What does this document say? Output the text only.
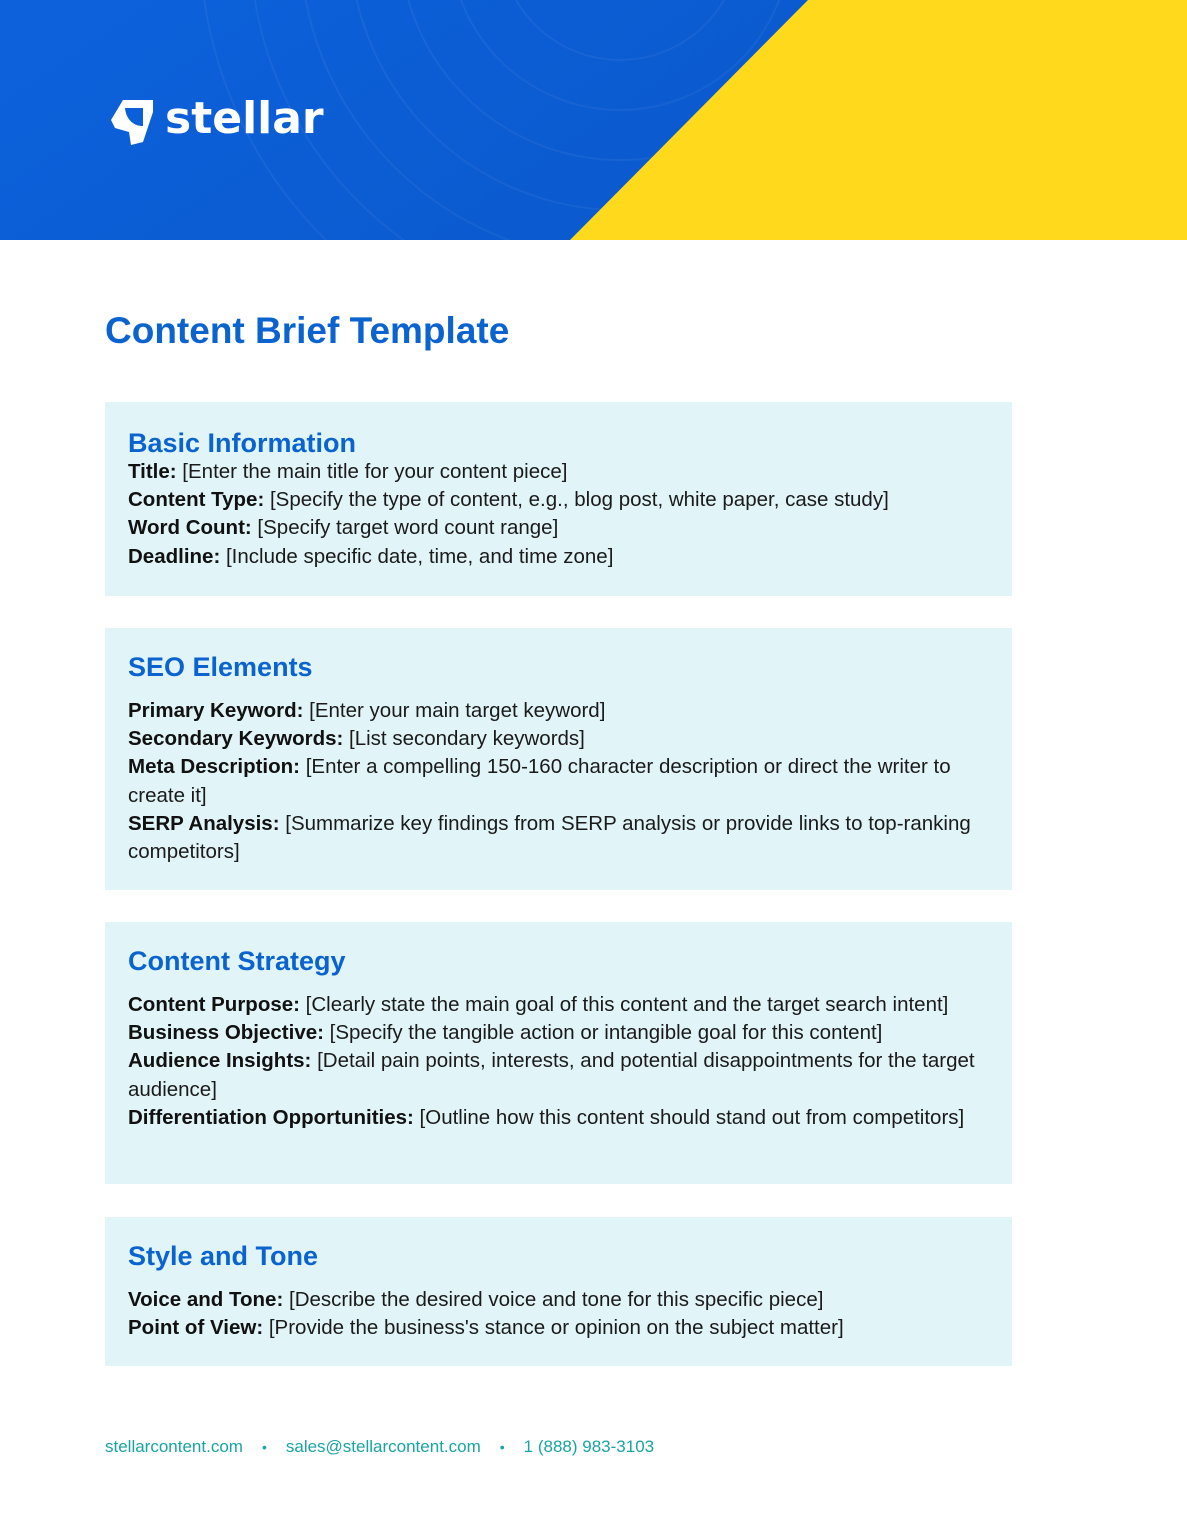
stellar
Content Brief Template
Basic Information
Title: [Enter the main title for your content piece]
Content Type: [Specify the type of content, e.g., blog post, white paper, case study]
Word Count: [Specify target word count range]
Deadline: [Include specific date, time, and time zone]
SEO Elements
Primary Keyword: [Enter your main target keyword]
Secondary Keywords: [List secondary keywords]
Meta Description: [Enter a compelling 150-160 character description or direct the writer to create it]
SERP Analysis: [Summarize key findings from SERP analysis or provide links to top-ranking competitors]
Content Strategy
Content Purpose: [Clearly state the main goal of this content and the target search intent]
Business Objective: [Specify the tangible action or intangible goal for this content]
Audience Insights: [Detail pain points, interests, and potential disappointments for the target audience]
Differentiation Opportunities: [Outline how this content should stand out from competitors]
Style and Tone
Voice and Tone: [Describe the desired voice and tone for this specific piece]
Point of View: [Provide the business's stance or opinion on the subject matter]
stellarcontent.com • sales@stellarcontent.com • 1 (888) 983-3103
